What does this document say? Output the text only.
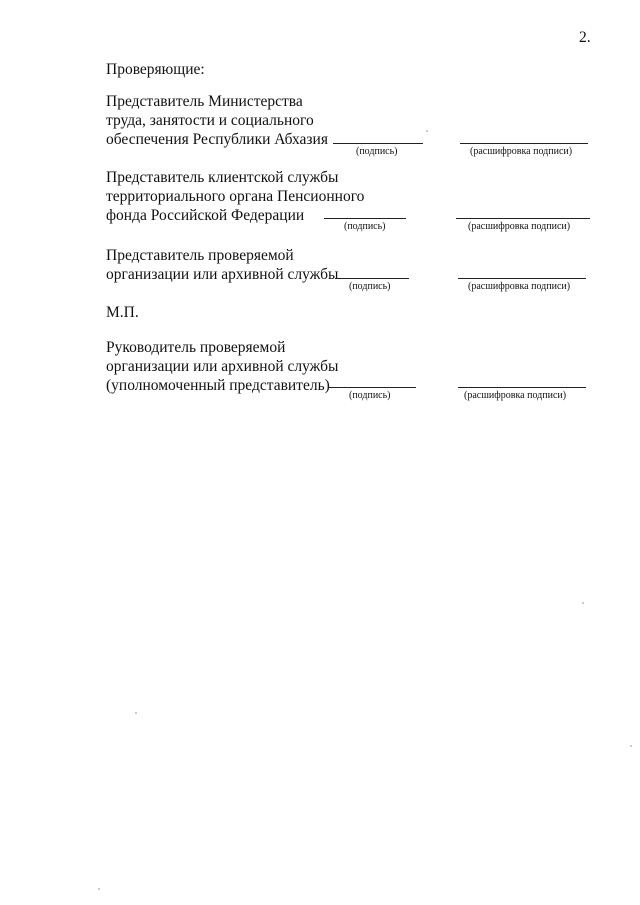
2.
Проверяющие:
Представитель Министерства
труда, занятости и социального
обеспечения Республики Абхазия
(подпись)	(расшифровка подписи)
Представитель клиентской службы
территориального органа Пенсионного
фонда Российской Федерации
(подпись)	(расшифровка подписи)
Представитель проверяемой
организации или архивной службы
(подпись)	(расшифровка подписи)
М.П.
Руководитель проверяемой
организации или архивной службы
(уполномоченный представитель)
(подпись)	(расшифровка подписи)
